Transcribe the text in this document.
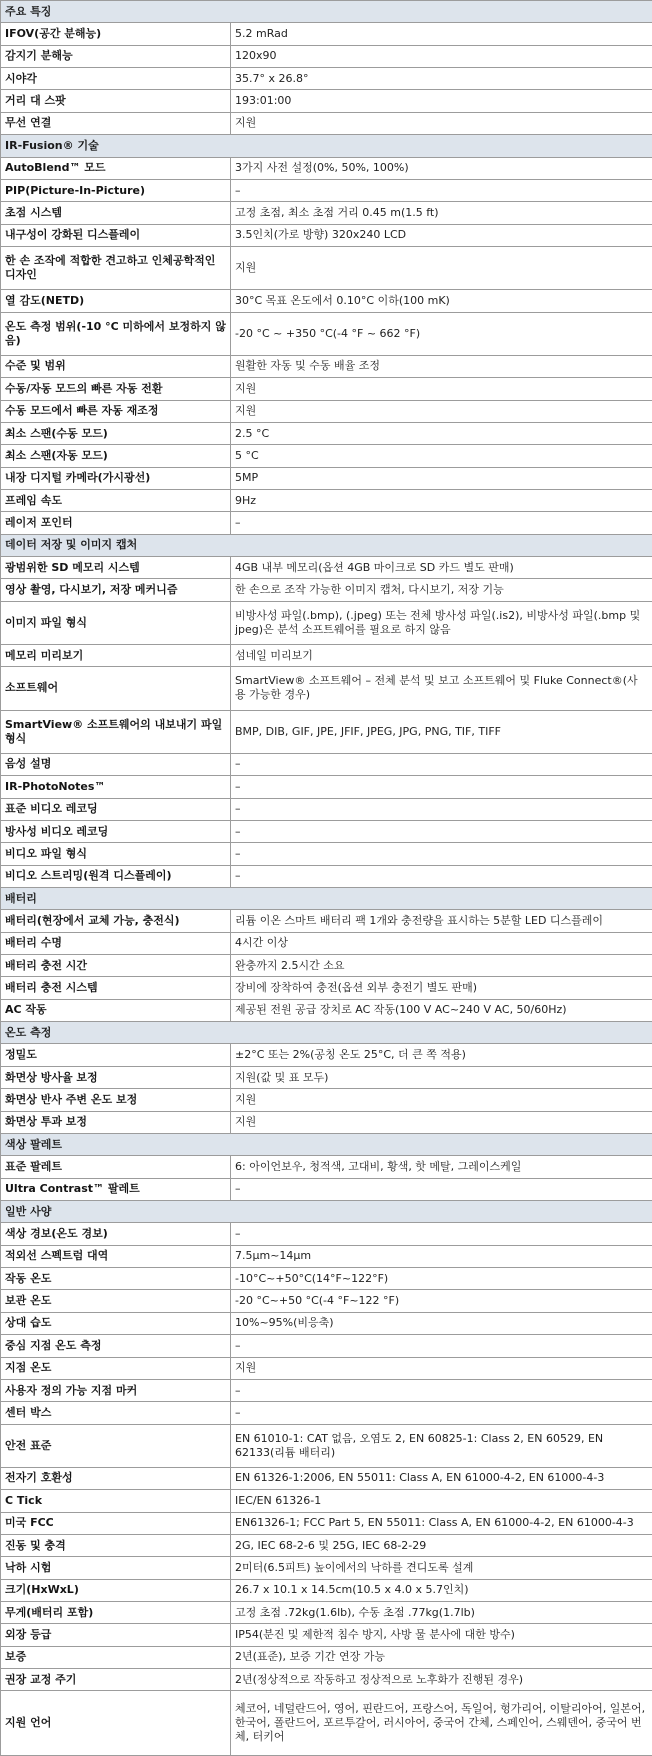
주요 특징	
IFOV(공간 분해능)	5.2 mRad
감지기 분해능	120x90
시야각	35.7° x 26.8°
거리 대 스팟	193:01:00
무선 연결	지원
IR-Fusion® 기술	
AutoBlend™ 모드	3가지 사전 설정(0%, 50%, 100%)
PIP(Picture-In-Picture)	–
초점 시스템	고정 초점, 최소 초점 거리 0.45 m(1.5 ft)
내구성이 강화된 디스플레이	3.5인치(가로 방향) 320x240 LCD
한 손 조작에 적합한 견고하고 인체공학적인 디자인	지원
열 감도(NETD)	30°C 목표 온도에서 0.10°C 이하(100 mK)
온도 측정 범위(-10 °C 미하에서 보정하지 않음)	-20 °C ~ +350 °C(-4 °F ~ 662 °F)
수준 및 범위	원활한 자동 및 수동 배율 조정
수동/자동 모드의 빠른 자동 전환	지원
수동 모드에서 빠른 자동 재조정	지원
최소 스팬(수동 모드)	2.5 °C
최소 스팬(자동 모드)	5 °C
내장 디지털 카메라(가시광선)	5MP
프레임 속도	9Hz
레이저 포인터	–
데이터 저장 및 이미지 캡처	
광범위한 SD 메모리 시스템	4GB 내부 메모리(옵션 4GB 마이크로 SD 카드 별도 판매)
영상 촬영, 다시보기, 저장 메커니즘	한 손으로 조작 가능한 이미지 캡처, 다시보기, 저장 기능
이미지 파일 형식	비방사성 파일(.bmp), (.jpeg) 또는 전체 방사성 파일(.is2), 비방사성 파일(.bmp 및 jpeg)은 분석 소프트웨어를 필요로 하지 않음
메모리 미리보기	섬네일 미리보기
소프트웨어	SmartView® 소프트웨어 – 전체 분석 및 보고 소프트웨어 및 Fluke Connect®(사용 가능한 경우)
SmartView® 소프트웨어의 내보내기 파일 형식	BMP, DIB, GIF, JPE, JFIF, JPEG, JPG, PNG, TIF, TIFF
음성 설명	–
IR-PhotoNotes™	–
표준 비디오 레코딩	–
방사성 비디오 레코딩	–
비디오 파일 형식	–
비디오 스트리밍(원격 디스플레이)	–
배터리	
배터리(현장에서 교체 가능, 충전식)	리튬 이온 스마트 배터리 팩 1개와 충전량을 표시하는 5분할 LED 디스플레이
배터리 수명	4시간 이상
배터리 충전 시간	완충까지 2.5시간 소요
배터리 충전 시스템	장비에 장착하여 충전(옵션 외부 충전기 별도 판매)
AC 작동	제공된 전원 공급 장치로 AC 작동(100 V AC~240 V AC, 50/60Hz)
온도 측정	
정밀도	±2°C 또는 2%(공칭 온도 25°C, 더 큰 쪽 적용)
화면상 방사율 보정	지원(값 및 표 모두)
화면상 반사 주변 온도 보정	지원
화면상 투과 보정	지원
색상 팔레트	
표준 팔레트	6: 아이언보우, 청적색, 고대비, 황색, 핫 메탈, 그레이스케일
Ultra Contrast™ 팔레트	–
일반 사양	
색상 경보(온도 경보)	–
적외선 스펙트럼 대역	7.5μm~14μm
작동 온도	-10°C~+50°C(14°F~122°F)
보관 온도	-20 °C~+50 °C(-4 °F~122 °F)
상대 습도	10%~95%(비응축)
중심 지점 온도 측정	–
지점 온도	지원
사용자 정의 가능 지점 마커	–
센터 박스	–
안전 표준	EN 61010-1: CAT 없음, 오염도 2, EN 60825-1: Class 2, EN 60529, EN 62133(리튬 배터리)
전자기 호환성	EN 61326-1:2006, EN 55011: Class A, EN 61000-4-2, EN 61000-4-3
C Tick	IEC/EN 61326-1
미국 FCC	EN61326-1; FCC Part 5, EN 55011: Class A, EN 61000-4-2, EN 61000-4-3
진동 및 충격	2G, IEC 68-2-6 및 25G, IEC 68-2-29
낙하 시험	2미터(6.5피트) 높이에서의 낙하를 견디도록 설계
크기(HxWxL)	26.7 x 10.1 x 14.5cm(10.5 x 4.0 x 5.7인치)
무게(배터리 포함)	고정 초점 .72kg(1.6lb), 수동 초점 .77kg(1.7lb)
외장 등급	IP54(분진 및 제한적 침수 방지, 사방 물 분사에 대한 방수)
보증	2년(표준), 보증 기간 연장 가능
권장 교정 주기	2년(정상적으로 작동하고 정상적으로 노후화가 진행된 경우)
지원 언어	체코어, 네덜란드어, 영어, 핀란드어, 프랑스어, 독일어, 헝가리어, 이탈리아어, 일본어, 한국어, 폴란드어, 포르투갈어, 러시아어, 중국어 간체, 스페인어, 스웨덴어, 중국어 번체, 터키어
